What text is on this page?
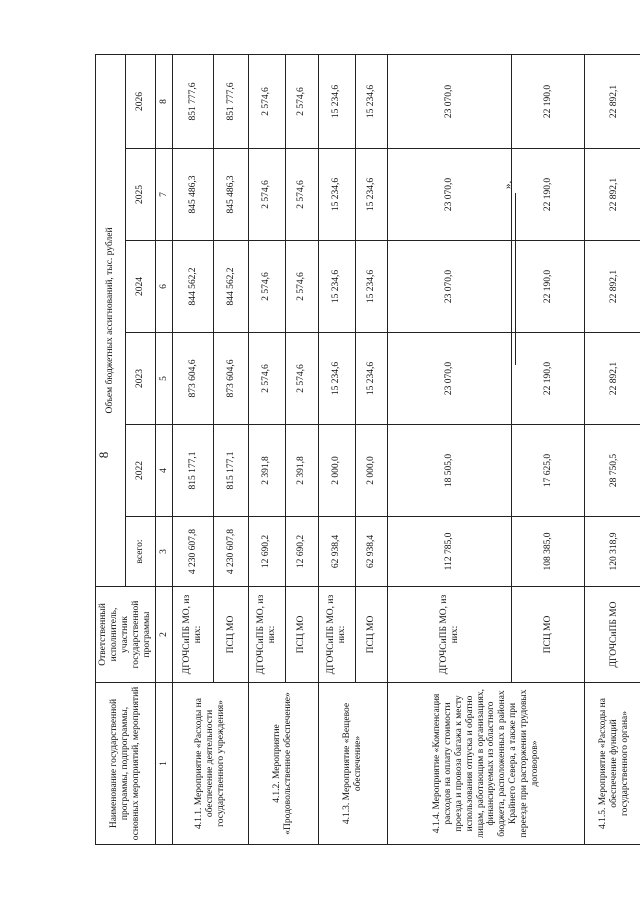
8
Наименование государственной программы, подпрограммы, основных мероприятий, мероприятий	Ответственный исполнитель, участник государственной программы	Объем бюджетных ассигнований, тыс. рублей					
		всего:	2022	2023	2024	2025	2026
1	2	3	4	5	6	7	8
4.1.1. Мероприятие «Расходы на обеспечение деятельности государственного учреждения»	ДГОЧСиПБ МО, из них:	4 230 607,8	815 177,1	873 604,6	844 562,2	845 486,3	851 777,6
	ПСЦ МО	4 230 607,8	815 177,1	873 604,6	844 562,2	845 486,3	851 777,6
4.1.2. Мероприятие «Продовольственное обеспечение»	ДГОЧСиПБ МО, из них:	12 690,2	2 391,8	2 574,6	2 574,6	2 574,6	2 574,6
	ПСЦ МО	12 690,2	2 391,8	2 574,6	2 574,6	2 574,6	2 574,6
4.1.3. Мероприятие «Вещевое обеспечение»	ДГОЧСиПБ МО, из них:	62 938,4	2 000,0	15 234,6	15 234,6	15 234,6	15 234,6
	ПСЦ МО	62 938,4	2 000,0	15 234,6	15 234,6	15 234,6	15 234,6
4.1.4. Мероприятие «Компенсация расходов на оплату стоимости проезда и провоза багажа к месту использования отпуска и обратно лицам, работающим в организациях, финансируемых из областного бюджета, расположенных в районах Крайнего Севера, а также при переезде при расторжении трудовых договоров»	ДГОЧСиПБ МО, из них:	112 785,0	18 505,0	23 070,0	23 070,0	23 070,0	23 070,0
	ПСЦ МО	108 385,0	17 625,0	22 190,0	22 190,0	22 190,0	22 190,0
4.1.5. Мероприятие «Расходы на обеспечение функций государственного органа»	ДГОЧСиПБ МО	120 318,9	28 750,5	22 892,1	22 892,1	22 892,1	22 892,1
».
